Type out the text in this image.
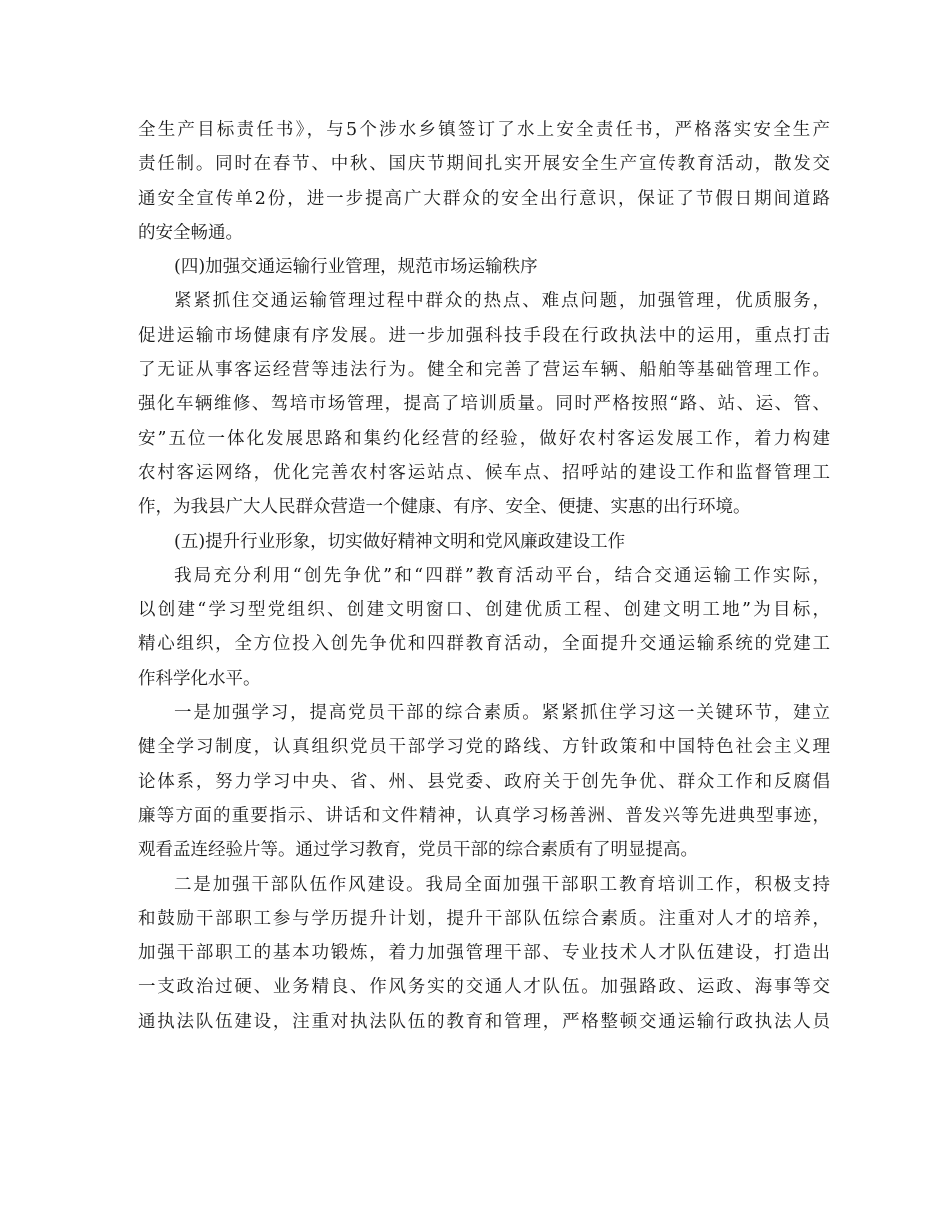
全生产目标责任书》，与5个涉水乡镇签订了水上安全责任书，严格落实安全生产
责任制。同时在春节、中秋、国庆节期间扎实开展安全生产宣传教育活动，散发交
通安全宣传单2份，进一步提高广大群众的安全出行意识，保证了节假日期间道路
的安全畅通。
(四)加强交通运输行业管理，规范市场运输秩序
紧紧抓住交通运输管理过程中群众的热点、难点问题，加强管理，优质服务，
促进运输市场健康有序发展。进一步加强科技手段在行政执法中的运用，重点打击
了无证从事客运经营等违法行为。健全和完善了营运车辆、船舶等基础管理工作。
强化车辆维修、驾培市场管理，提高了培训质量。同时严格按照“路、站、运、管、
安”五位一体化发展思路和集约化经营的经验，做好农村客运发展工作，着力构建
农村客运网络，优化完善农村客运站点、候车点、招呼站的建设工作和监督管理工
作，为我县广大人民群众营造一个健康、有序、安全、便捷、实惠的出行环境。
(五)提升行业形象，切实做好精神文明和党风廉政建设工作
我局充分利用“创先争优”和“四群”教育活动平台，结合交通运输工作实际，
以创建“学习型党组织、创建文明窗口、创建优质工程、创建文明工地”为目标，
精心组织，全方位投入创先争优和四群教育活动，全面提升交通运输系统的党建工
作科学化水平。
一是加强学习，提高党员干部的综合素质。紧紧抓住学习这一关键环节，建立
健全学习制度，认真组织党员干部学习党的路线、方针政策和中国特色社会主义理
论体系，努力学习中央、省、州、县党委、政府关于创先争优、群众工作和反腐倡
廉等方面的重要指示、讲话和文件精神，认真学习杨善洲、普发兴等先进典型事迹，
观看孟连经验片等。通过学习教育，党员干部的综合素质有了明显提高。
二是加强干部队伍作风建设。我局全面加强干部职工教育培训工作，积极支持
和鼓励干部职工参与学历提升计划，提升干部队伍综合素质。注重对人才的培养，
加强干部职工的基本功锻炼，着力加强管理干部、专业技术人才队伍建设，打造出
一支政治过硬、业务精良、作风务实的交通人才队伍。加强路政、运政、海事等交
通执法队伍建设，注重对执法队伍的教育和管理，严格整顿交通运输行政执法人员
